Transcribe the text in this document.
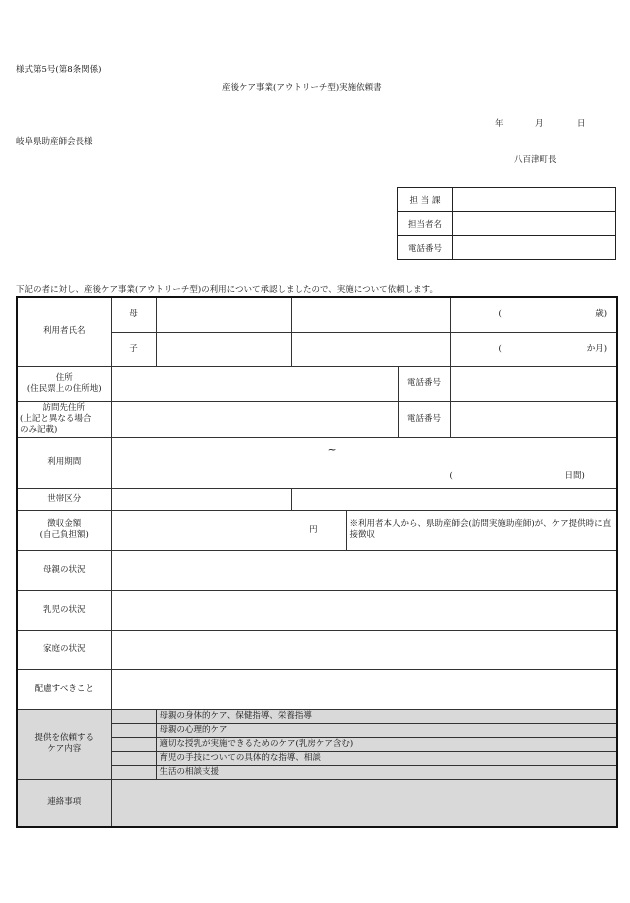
様式第5号(第8条関係)
産後ケア事業(アウトリーチ型)実施依頼書
年	月	日
岐阜県助産師会長様
八百津町長
担 当 課	
担当者名	
電話番号	
下記の者に対し、産後ケア事業(アウトリーチ型)の利用について承認しましたので、実施について依頼します。
利用者氏名	母					( 歳)

	子					( か月)

住所
(住民票上の住所地)					電話番号	

訪問先住所
(上記と異なる場合
のみ記載)					電話番号	
利用期間	~
( 日間)					

世帯区分						

徴収金額
(自己負担額)	円			※利用者本人から、県助産師会(訪問実施助産師)が、ケア提供時に直接徴収		
母親の状況						
乳児の状況						
家庭の状況						
配慮すべきこと						

提供を依頼する
ケア内容		母親の身体的ケア、保健指導、栄養指導				
		母親の心理的ケア				
		適切な授乳が実施できるためのケア(乳房ケア含む)				
		育児の手技についての具体的な指導、相談				
		生活の相談支援				
連絡事項						
